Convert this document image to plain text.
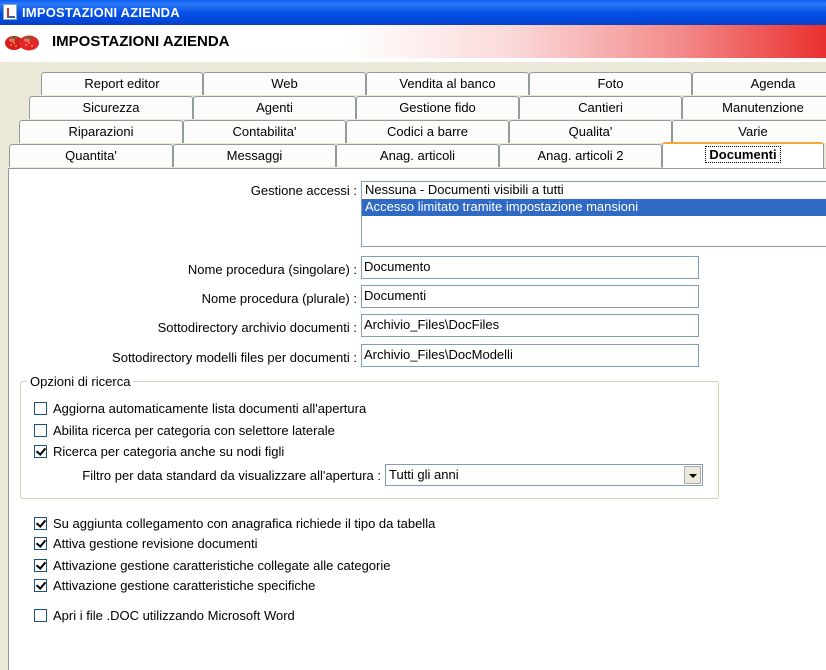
IMPOSTAZIONI AZIENDA
IMPOSTAZIONI AZIENDA
Report editor	Web	Vendita al banco	Foto	Agenda
Sicurezza	Agenti	Gestione fido	Cantieri	Manutenzione
Riparazioni	Contabilita'	Codici a barre	Qualita'	Varie
Quantita'	Messaggi	Anag. articoli	Anag. articoli 2	Documenti
Gestione accessi : Nessuna - Documenti visibili a tutti
Accesso limitato tramite impostazione mansioni
Nome procedura (singolare) : Documento
Nome procedura (plurale) : Documenti
Sottodirectory archivio documenti : Archivio_Files\DocFiles
Sottodirectory modelli files per documenti : Archivio_Files\DocModelli
Opzioni di ricerca
Aggiorna automaticamente lista documenti all'apertura
Abilita ricerca per categoria con selettore laterale
Ricerca per categoria anche su nodi figli
Filtro per data standard da visualizzare all'apertura : Tutti gli anni
Su aggiunta collegamento con anagrafica richiede il tipo da tabella
Attiva gestione revisione documenti
Attivazione gestione caratteristiche collegate alle categorie
Attivazione gestione caratteristiche specifiche
Apri i file .DOC utilizzando Microsoft Word
